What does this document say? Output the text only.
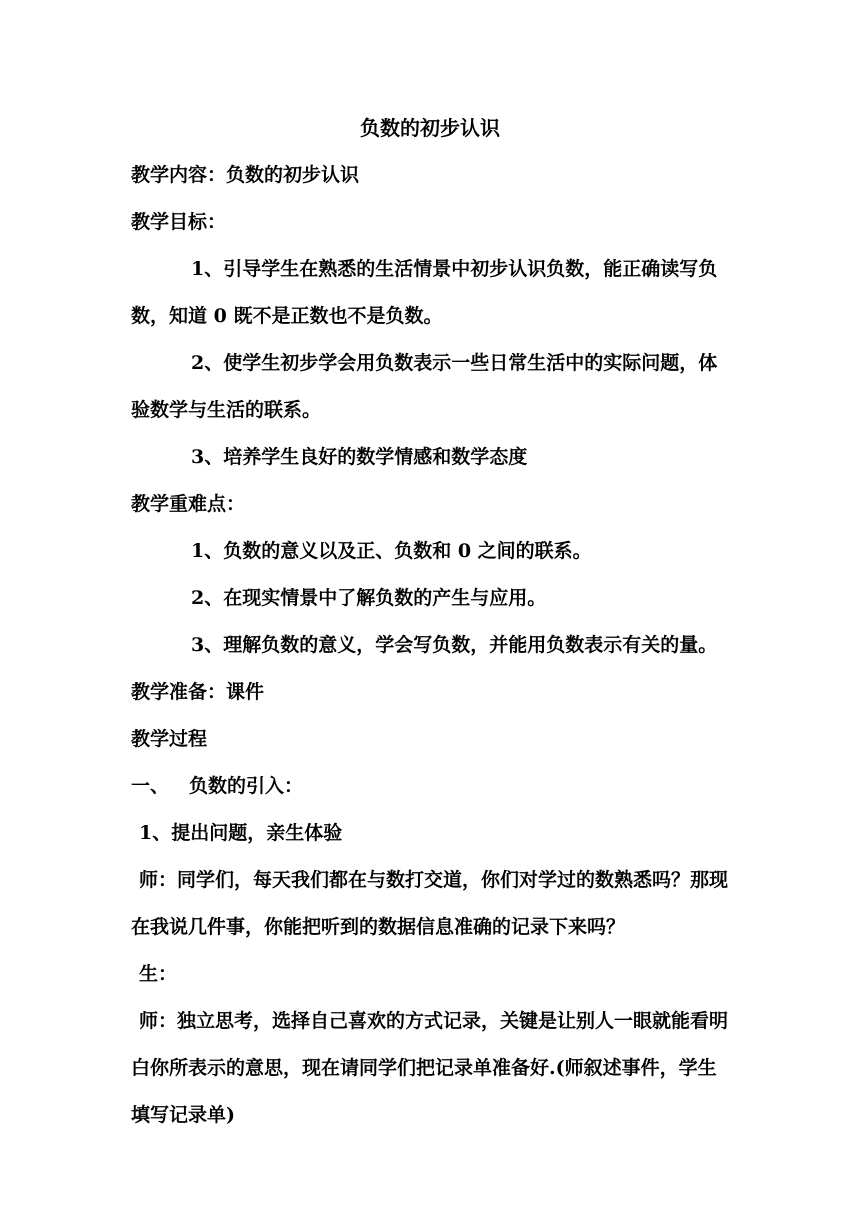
负数的初步认识

教学内容：负数的初步认识

教学目标：

1、引导学生在熟悉的生活情景中初步认识负数，能正确读写负数，知道 0 既不是正数也不是负数。

2、使学生初步学会用负数表示一些日常生活中的实际问题，体验数学与生活的联系。

3、培养学生良好的数学情感和数学态度

教学重难点：

1、负数的意义以及正、负数和 0 之间的联系。

2、在现实情景中了解负数的产生与应用。

3、理解负数的意义，学会写负数，并能用负数表示有关的量。

教学准备：课件

教学过程

一、 负数的引入：

1、提出问题，亲生体验

师：同学们，每天我们都在与数打交道，你们对学过的数熟悉吗？那现在我说几件事，你能把听到的数据信息准确的记录下来吗？

生：

师：独立思考，选择自己喜欢的方式记录，关键是让别人一眼就能看明白你所表示的意思，现在请同学们把记录单准备好.(师叙述事件，学生填写记录单)
